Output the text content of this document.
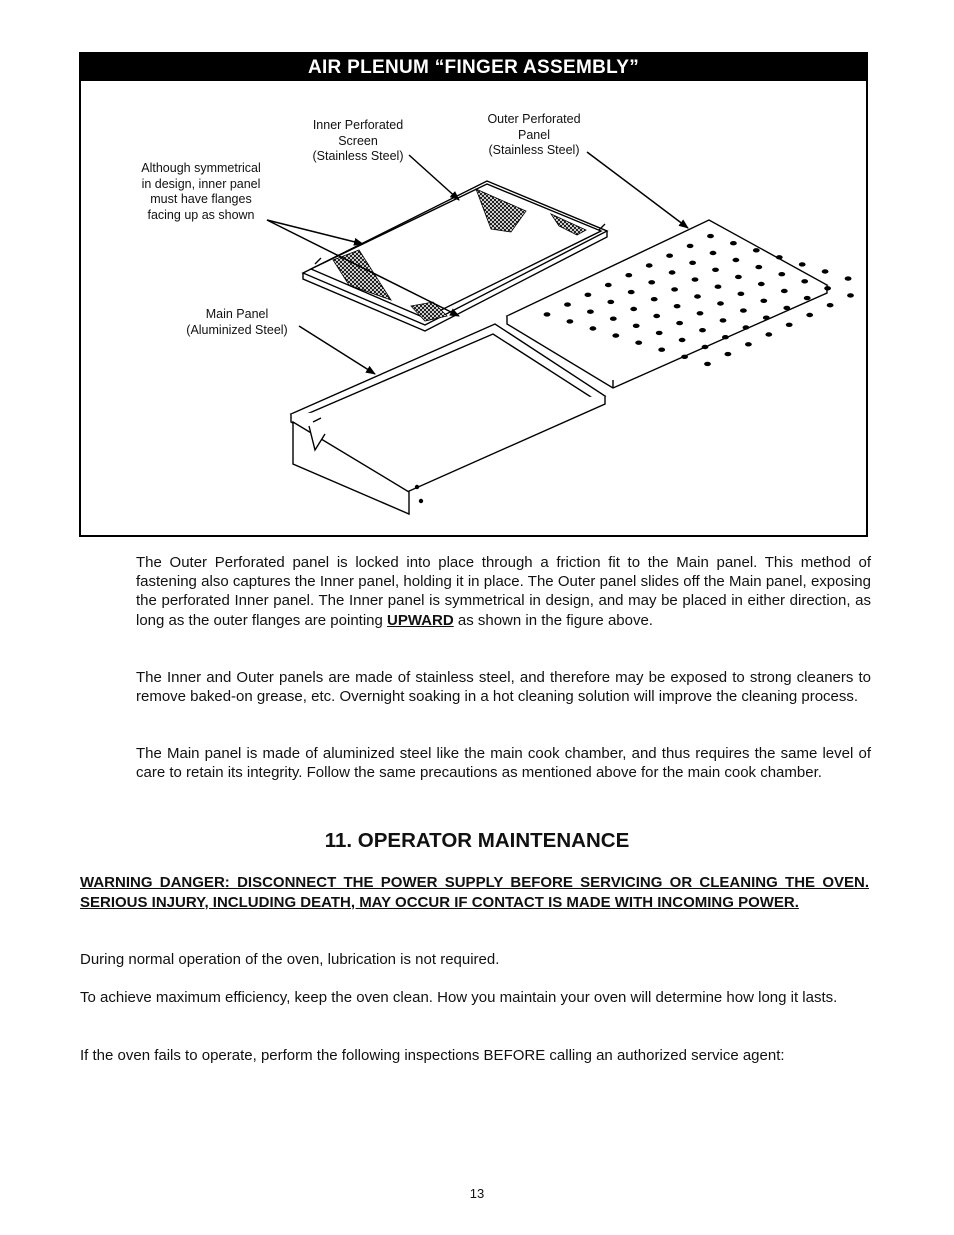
AIR PLENUM “FINGER ASSEMBLY”
Inner Perforated
Screen
(Stainless Steel)
Outer Perforated
Panel
(Stainless Steel)
Although symmetrical
in design, inner panel
must have flanges
facing up as shown
Main Panel
(Aluminized Steel)

The Outer Perforated panel is locked into place through a friction fit to the Main panel. This method of fastening also captures the Inner panel, holding it in place. The Outer panel slides off the Main panel, exposing the perforated Inner panel. The Inner panel is symmetrical in design, and may be placed in either direction, as long as the outer flanges are pointing UPWARD as shown in the figure above.

The Inner and Outer panels are made of stainless steel, and therefore may be exposed to strong cleaners to remove baked-on grease, etc. Overnight soaking in a hot cleaning solution will improve the cleaning process.

The Main panel is made of aluminized steel like the main cook chamber, and thus requires the same level of care to retain its integrity. Follow the same precautions as mentioned above for the main cook chamber.

11. OPERATOR MAINTENANCE

WARNING DANGER: DISCONNECT THE POWER SUPPLY BEFORE SERVICING OR CLEANING THE OVEN. SERIOUS INJURY, INCLUDING DEATH, MAY OCCUR IF CONTACT IS MADE WITH INCOMING POWER.

During normal operation of the oven, lubrication is not required.

To achieve maximum efficiency, keep the oven clean. How you maintain your oven will determine how long it lasts.

If the oven fails to operate, perform the following inspections BEFORE calling an authorized service agent:

13
